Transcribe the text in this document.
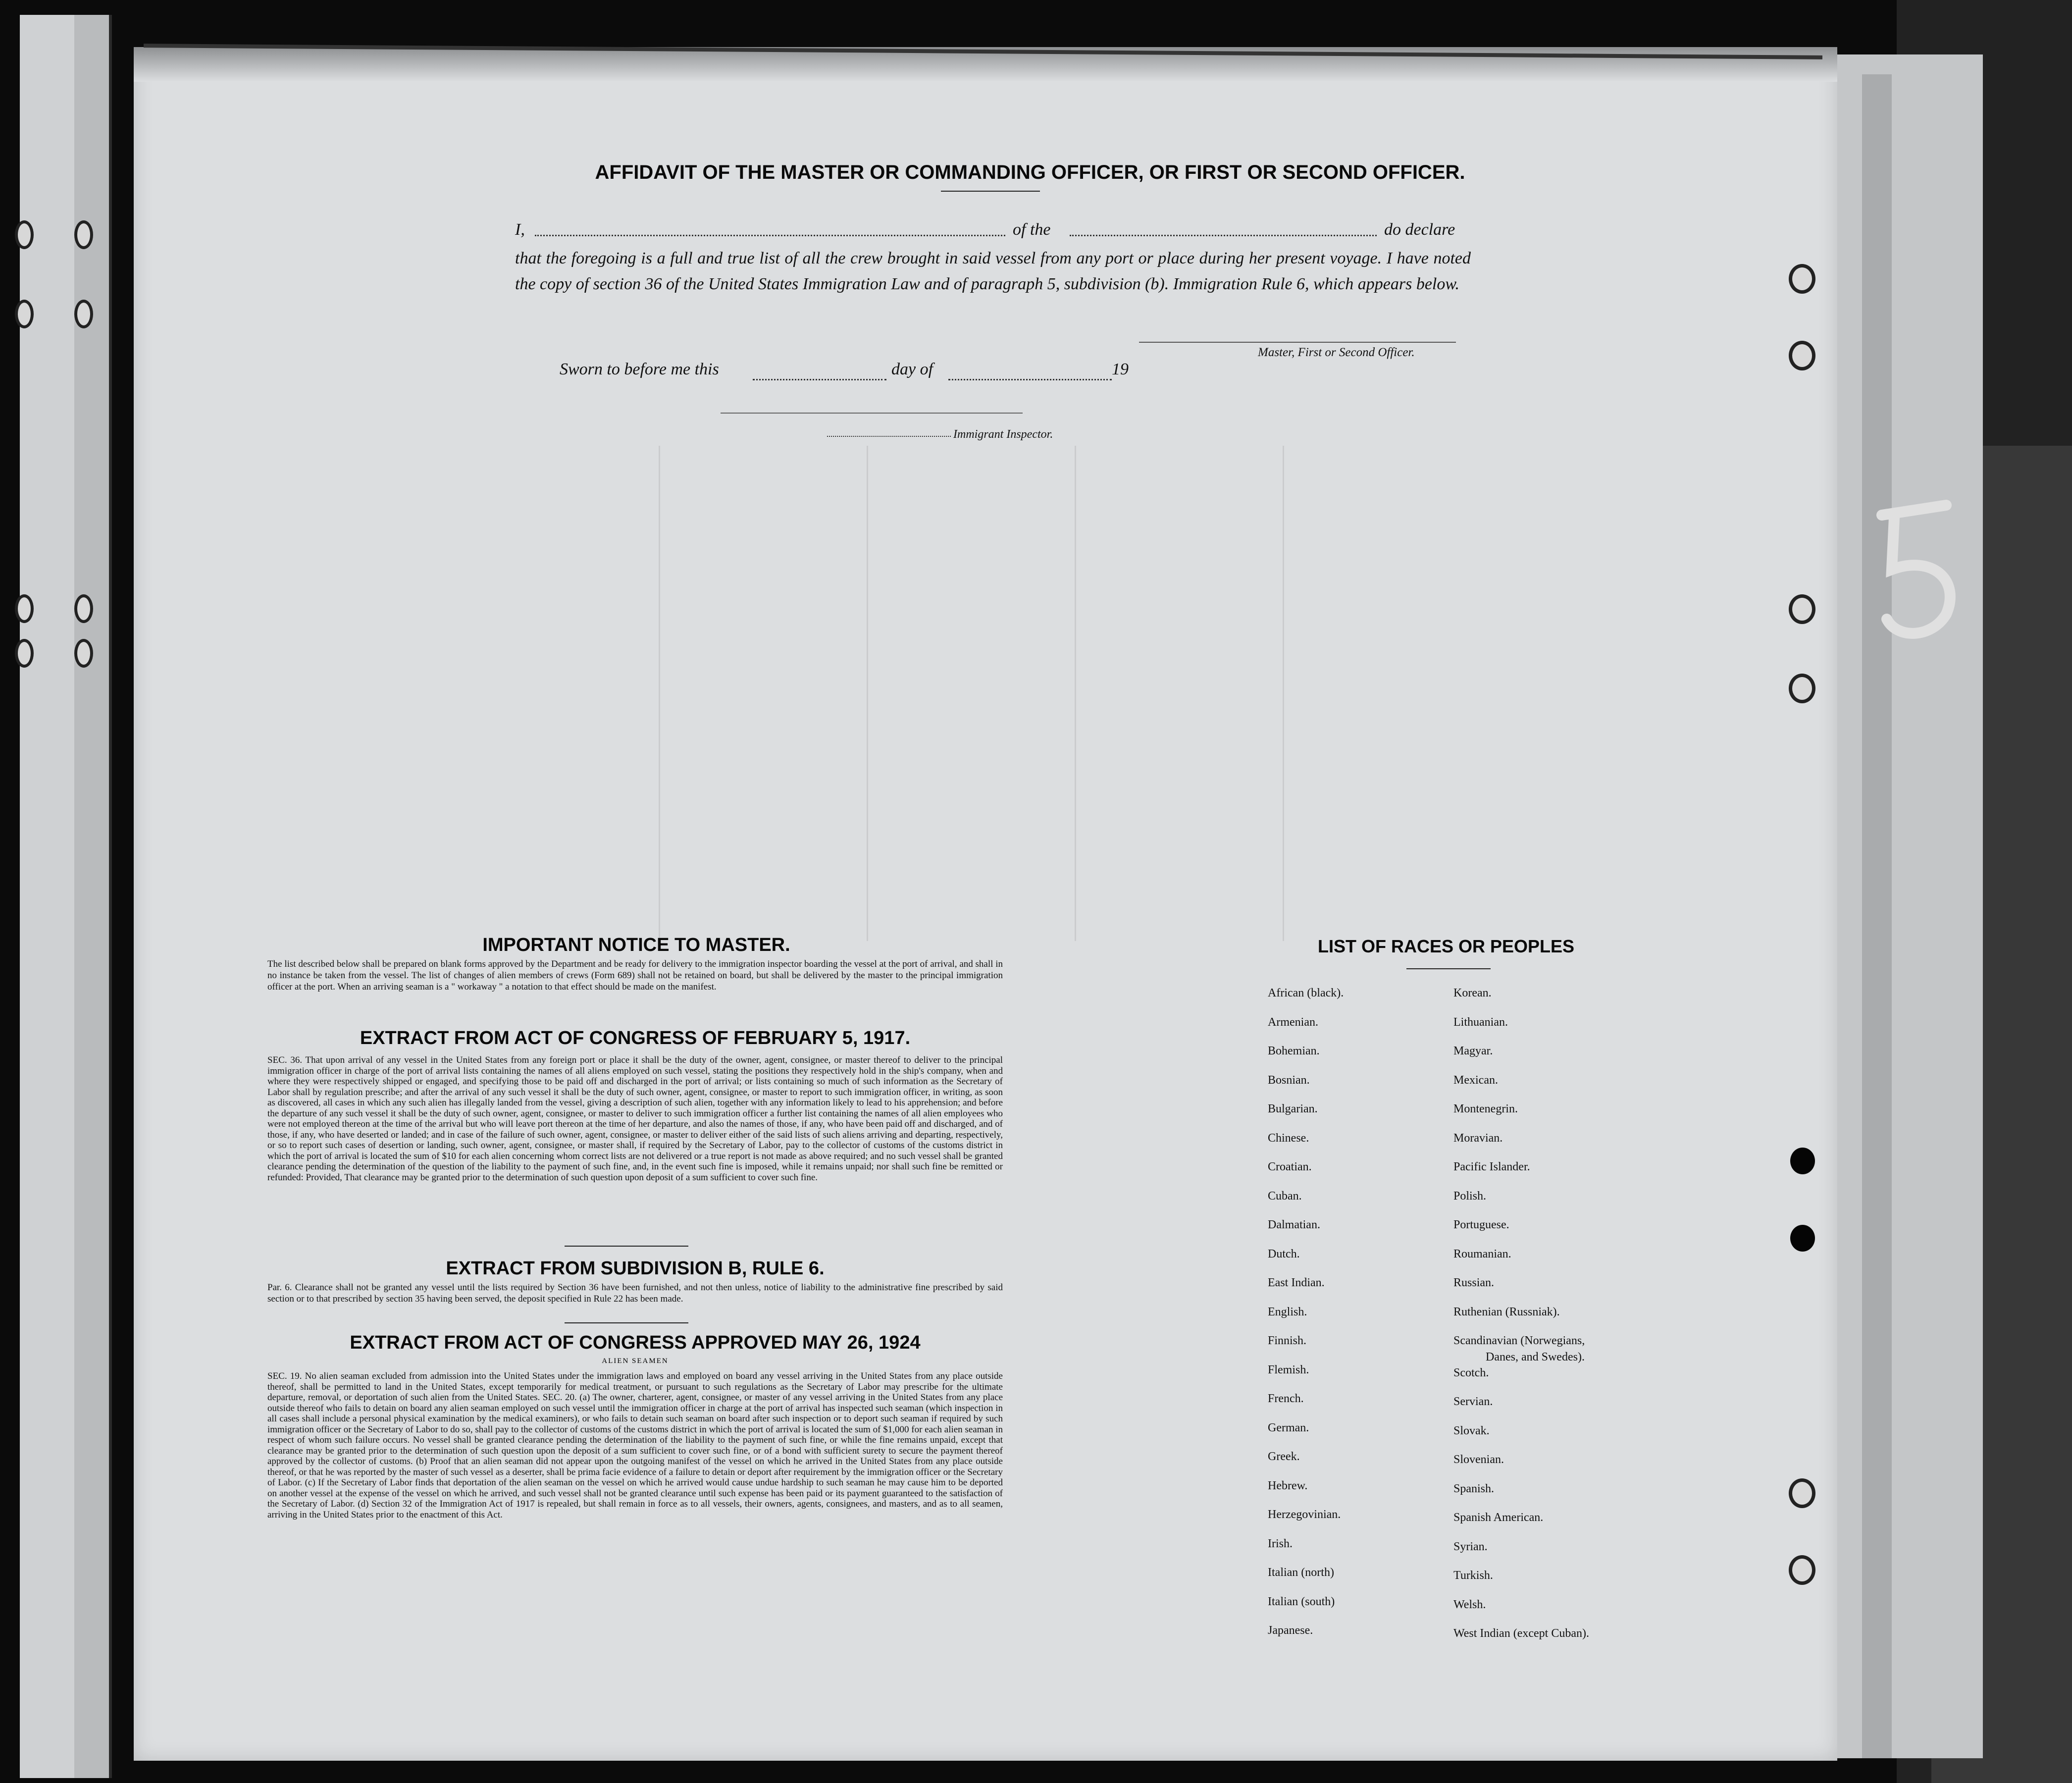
AFFIDAVIT OF THE MASTER OR COMMANDING OFFICER, OR FIRST OR SECOND OFFICER.
I,	of the	do declare
that the foregoing is a full and true list of all the crew brought in said vessel from any port or place during her present voyage. I have noted the copy of section 36 of the United States Immigration Law and of paragraph 5, subdivision (b). Immigration Rule 6, which appears below.
Master, First or Second Officer.
Sworn to before me this	day of	19
Immigrant Inspector.
IMPORTANT NOTICE TO MASTER.
The list described below shall be prepared on blank forms approved by the Department and be ready for delivery to the immigration inspector boarding the vessel at the port of arrival, and shall in no instance be taken from the vessel. The list of changes of alien members of crews (Form 689) shall not be retained on board, but shall be delivered by the master to the principal immigration officer at the port. When an arriving seaman is a " workaway " a notation to that effect should be made on the manifest.
EXTRACT FROM ACT OF CONGRESS OF FEBRUARY 5, 1917.
SEC. 36. That upon arrival of any vessel in the United States from any foreign port or place it shall be the duty of the owner, agent, consignee, or master thereof to deliver to the principal immigration officer in charge of the port of arrival lists containing the names of all aliens employed on such vessel, stating the positions they respectively hold in the ship's company, when and where they were respectively shipped or engaged, and specifying those to be paid off and discharged in the port of arrival; or lists containing so much of such information as the Secretary of Labor shall by regulation prescribe; and after the arrival of any such vessel it shall be the duty of such owner, agent, consignee, or master to report to such immigration officer, in writing, as soon as discovered, all cases in which any such alien has illegally landed from the vessel, giving a description of such alien, together with any information likely to lead to his apprehension; and before the departure of any such vessel it shall be the duty of such owner, agent, consignee, or master to deliver to such immigration officer a further list containing the names of all alien employees who were not employed thereon at the time of the arrival but who will leave port thereon at the time of her departure, and also the names of those, if any, who have been paid off and discharged, and of those, if any, who have deserted or landed; and in case of the failure of such owner, agent, consignee, or master to deliver either of the said lists of such aliens arriving and departing, respectively, or so to report such cases of desertion or landing, such owner, agent, consignee, or master shall, if required by the Secretary of Labor, pay to the collector of customs of the customs district in which the port of arrival is located the sum of $10 for each alien concerning whom correct lists are not delivered or a true report is not made as above required; and no such vessel shall be granted clearance pending the determination of the question of the liability to the payment of such fine, and, in the event such fine is imposed, while it remains unpaid; nor shall such fine be remitted or refunded: Provided, That clearance may be granted prior to the determination of such question upon deposit of a sum sufficient to cover such fine.
EXTRACT FROM SUBDIVISION B, RULE 6.
Par. 6. Clearance shall not be granted any vessel until the lists required by Section 36 have been furnished, and not then unless, notice of liability to the administrative fine prescribed by said section or to that prescribed by section 35 having been served, the deposit specified in Rule 22 has been made.
EXTRACT FROM ACT OF CONGRESS APPROVED MAY 26, 1924
ALIEN SEAMEN
SEC. 19. No alien seaman excluded from admission into the United States under the immigration laws and employed on board any vessel arriving in the United States from any place outside thereof, shall be permitted to land in the United States, except temporarily for medical treatment, or pursuant to such regulations as the Secretary of Labor may prescribe for the ultimate departure, removal, or deportation of such alien from the United States. SEC. 20. (a) The owner, charterer, agent, consignee, or master of any vessel arriving in the United States from any place outside thereof who fails to detain on board any alien seaman employed on such vessel until the immigration officer in charge at the port of arrival has inspected such seaman (which inspection in all cases shall include a personal physical examination by the medical examiners), or who fails to detain such seaman on board after such inspection or to deport such seaman if required by such immigration officer or the Secretary of Labor to do so, shall pay to the collector of customs of the customs district in which the port of arrival is located the sum of $1,000 for each alien seaman in respect of whom such failure occurs. No vessel shall be granted clearance pending the determination of the liability to the payment of such fine, or while the fine remains unpaid, except that clearance may be granted prior to the determination of such question upon the deposit of a sum sufficient to cover such fine, or of a bond with sufficient surety to secure the payment thereof approved by the collector of customs. (b) Proof that an alien seaman did not appear upon the outgoing manifest of the vessel on which he arrived in the United States from any place outside thereof, or that he was reported by the master of such vessel as a deserter, shall be prima facie evidence of a failure to detain or deport after requirement by the immigration officer or the Secretary of Labor. (c) If the Secretary of Labor finds that deportation of the alien seaman on the vessel on which he arrived would cause undue hardship to such seaman he may cause him to be deported on another vessel at the expense of the vessel on which he arrived, and such vessel shall not be granted clearance until such expense has been paid or its payment guaranteed to the satisfaction of the Secretary of Labor. (d) Section 32 of the Immigration Act of 1917 is repealed, but shall remain in force as to all vessels, their owners, agents, consignees, and masters, and as to all seamen, arriving in the United States prior to the enactment of this Act.
LIST OF RACES OR PEOPLES
African (black).
Armenian.
Bohemian.
Bosnian.
Bulgarian.
Chinese.
Croatian.
Cuban.
Dalmatian.
Dutch.
East Indian.
English.
Finnish.
Flemish.
French.
German.
Greek.
Hebrew.
Herzegovinian.
Irish.
Italian (north)
Italian (south)
Japanese.
Korean.
Lithuanian.
Magyar.
Mexican.
Montenegrin.
Moravian.
Pacific Islander.
Polish.
Portuguese.
Roumanian.
Russian.
Ruthenian (Russniak).
Scandinavian (Norwegians,
Danes, and Swedes).
Scotch.
Servian.
Slovak.
Slovenian.
Spanish.
Spanish American.
Syrian.
Turkish.
Welsh.
West Indian (except Cuban).
